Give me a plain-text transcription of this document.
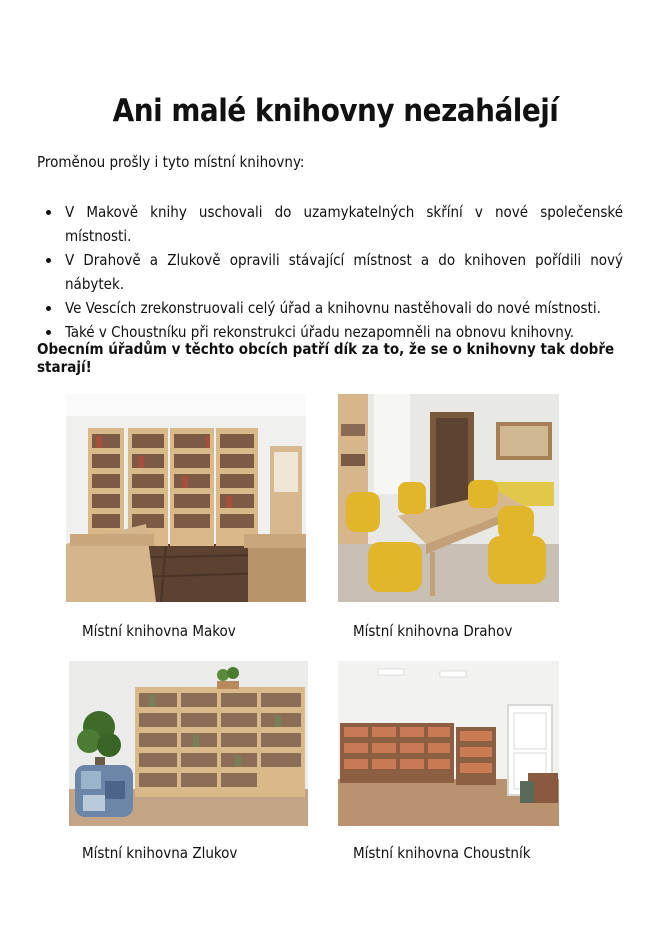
Ani malé knihovny nezahálejí

Proměnou prošly i tyto místní knihovny:

V Makově knihy uschovali do uzamykatelných skříní v nové společenské místnosti.
V Drahově a Zlukově opravili stávající místnost a do knihoven pořídili nový nábytek.
Ve Vescích zrekonstruovali celý úřad a knihovnu nastěhovali do nové místnosti.
Také v Choustníku při rekonstrukci úřadu nezapomněli na obnovu knihovny.

Obecním úřadům v těchto obcích patří dík za to, že se o knihovny tak dobře starají!

Místní knihovna Makov	Místní knihovna Drahov

Místní knihovna Zlukov	Místní knihovna Choustník
